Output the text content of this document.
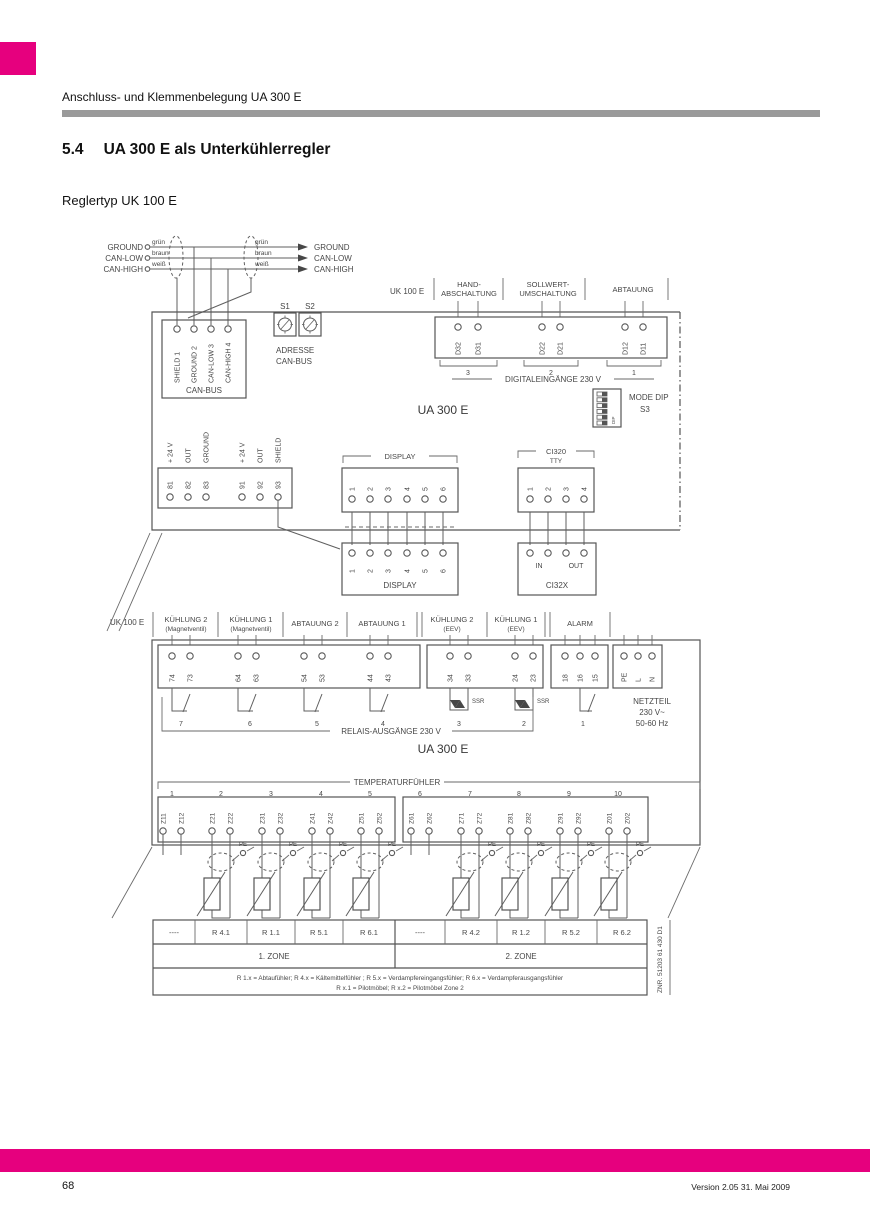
Anschluss- und Klemmenbelegung UA 300 E
5.4 UA 300 E als Unterkühlerregler
Reglertyp UK 100 E
GROUND
CAN-LOW
CAN-HIGH
grün
braun
weiß
grün
braun
weiß
GROUND
CAN-LOW
CAN-HIGH
UK 100 E
HAND-
ABSCHALTUNG
SOLLWERT-
UMSCHALTUNG	ABTAUUNG
SHIELD 1 GROUND 2 CAN-LOW 3 CAN-HIGH 4
CAN-BUS
S1 S2
ADRESSE
CAN-BUS
D32 D31	D22 D21	D12 D11
3	2	1
DIGITALEINGÄNGE 230 V
DIP
MODE DIP
S3
UA 300 E
+ 24 V OUT GROUND	+ 24 V OUT SHIELD
81 82 83	91 92 93
DISPLAY
1 2 3 4 5 6
CI320
TTY
1 2 3 4
1 2 3 4 5 6
DISPLAY
IN	OUT
CI32X
UK 100 E	KÜHLUNG 2
(Magnetventil)
KÜHLUNG 1
(Magnetventil)
ABTAUUNG 2	ABTAUUNG 1	KÜHLUNG 2
(EEV)
KÜHLUNG 1
(EEV)
ALARM
74 73	64 63	54 53	44 43	34 33	24 23	18 16 15	PE L N
SSR	SSR
7	6	5	4	3	2	1
RELAIS-AUSGÄNGE 230 V
NETZTEIL
230 V~
50-60 Hz
UA 300 E
TEMPERATURFÜHLER
1	2	3	4	5	6	7	8	9	10
Z11 Z12	Z21 Z22	Z31 Z32	Z41 Z42	Z51 Z52	Z61 Z62	Z71 Z72	Z81 Z82	Z91 Z92	Z01 Z02
PE	PE	PE	PE	PE	PE	PE	PE
----	R 4.1	R 1.1	R 5.1	R 6.1	----	R 4.2	R 1.2	R 5.2	R 6.2
1. ZONE	2. ZONE
R 1.x = Abtaufühler; R 4.x = Kältemittelfühler ; R 5.x = Verdampfereingangsfühler; R 6.x = Verdampferausgangsfühler
R x.1 = Pilotmöbel; R x.2 = Pilotmöbel Zone 2	ZNR. 51203 61 430 D1
68	Version 2.05 31. Mai 2009
